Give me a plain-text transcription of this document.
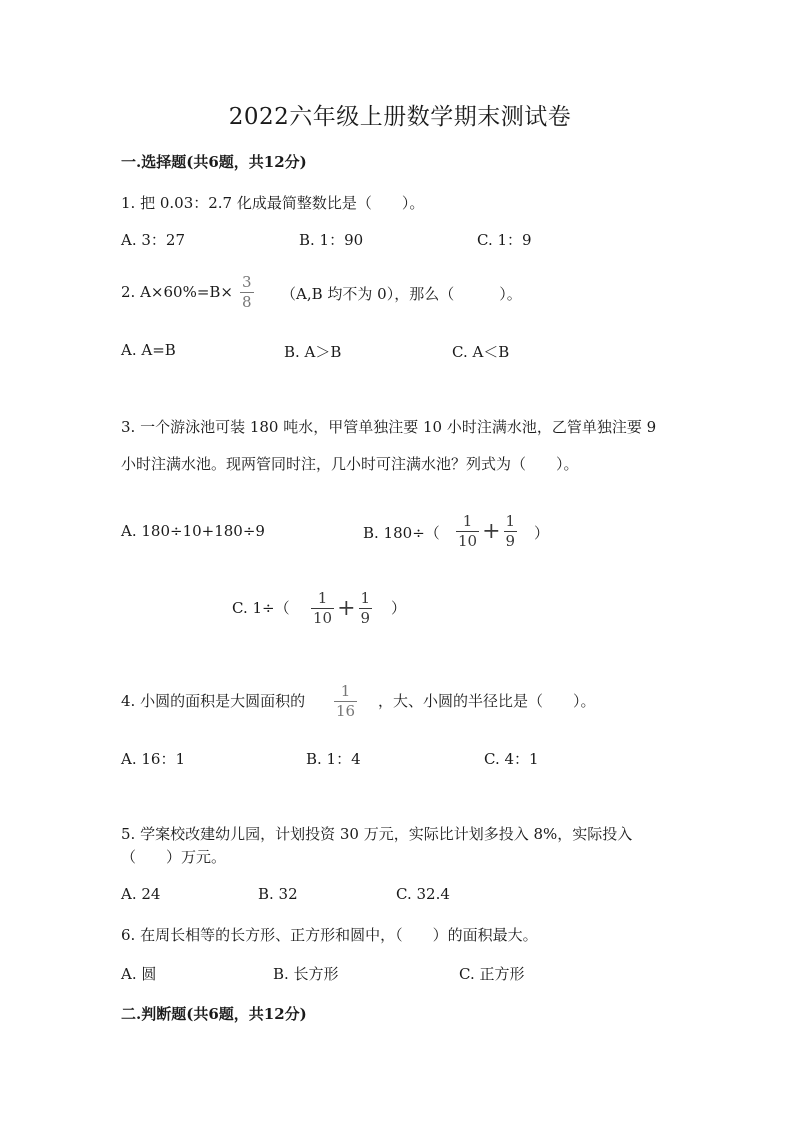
2022六年级上册数学期末测试卷
一.选择题(共6题，共12分)
1. 把 0.03：2.7 化成最简整数比是（　　）。
A. 3：27	B. 1：90	C. 1：9
2. A×60%=B×
3
8 （A,B 均不为 0），那么（　　　）。
A. A=B	B. A＞B	C. A＜B
3. 一个游泳池可装 180 吨水，甲管单独注要 10 小时注满水池，乙管单独注要 9
小时注满水池。现两管同时注，几小时可注满水池？列式为（　　）。
A. 180÷10+180÷9	B. $180\div( \frac{1}{10} + \frac{1}{9}$ ）
C. $1\div( \frac{1}{10} + \frac{1}{9}$ ）
4. 小圆的面积是大圆面积的
1
16
，大、小圆的半径比是（　　）。
A. 16：1	B. 1：4	C. 4：1
5. 学案校改建幼儿园，计划投资 30 万元，实际比计划多投入 8%，实际投入
（　　）万元。
A. 24	B. 32	C. 32.4
6. 在周长相等的长方形、正方形和圆中，（　　）的面积最大。
A. 圆	B. 长方形	C. 正方形
二.判断题(共6题，共12分)
